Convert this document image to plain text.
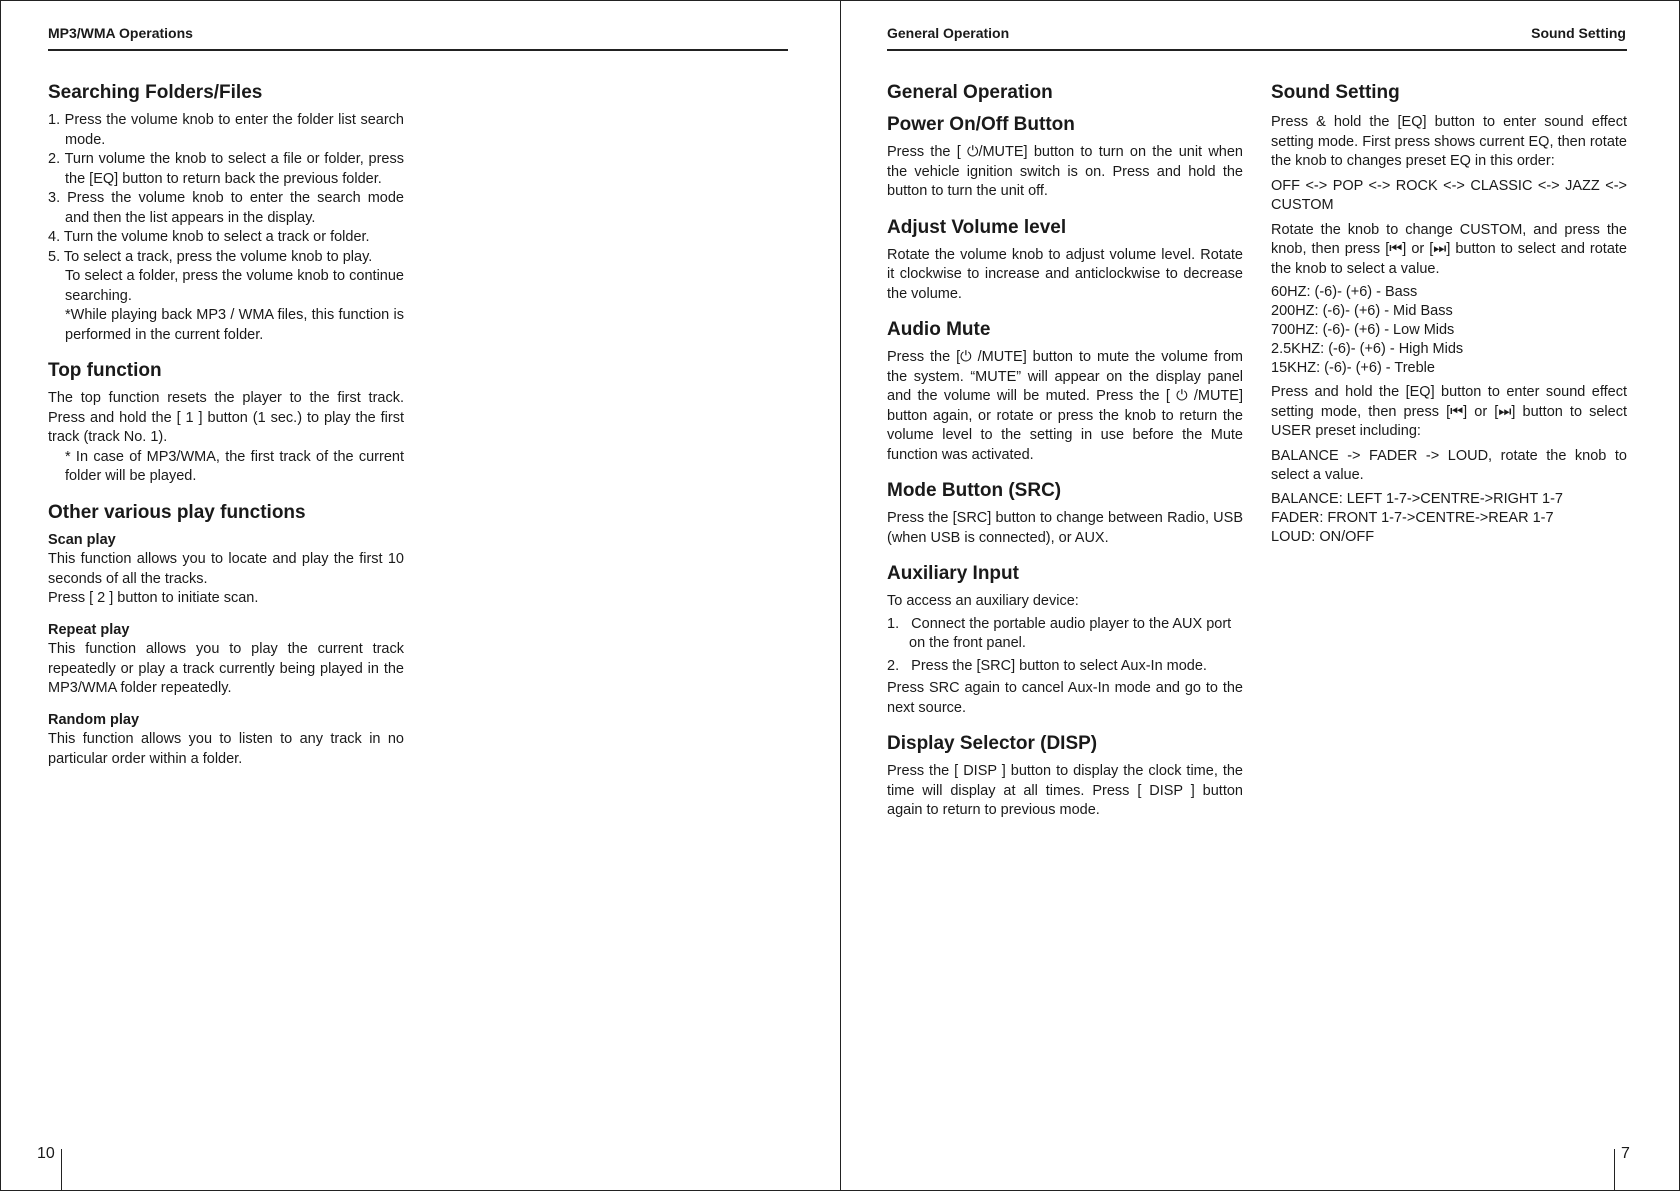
MP3/WMA Operations
Searching Folders/Files

1. Press the volume knob to enter the folder list search mode.

2. Turn volume the knob to select a file or folder, press the [EQ] button to return back the previous folder.

3. Press the volume knob to enter the search mode and then the list appears in the display.

4. Turn the volume knob to select a track or folder.

5. To select a track, press the volume knob to play.

To select a folder, press the volume knob to continue searching.

*While playing back MP3 / WMA files, this function is performed in the current folder.

Top function

The top function resets the player to the first track. Press and hold the [ 1 ] button (1 sec.) to play the first track (track No. 1).

* In case of MP3/WMA, the first track of the current folder will be played.

Other various play functions
Scan play

This function allows you to locate and play the first 10 seconds of all the tracks.

Press [ 2 ] button to initiate scan.

Repeat play

This function allows you to play the current track repeatedly or play a track currently being played in the MP3/WMA folder repeatedly.

Random play

This function allows you to listen to any track in no particular order within a folder.

10
General Operation	Sound Setting
General Operation
Power On/Off Button

Press the [ ⏻/MUTE] button to turn on the unit when the vehicle ignition switch is on. Press and hold the button to turn the unit off.

Adjust Volume level

Rotate the volume knob to adjust volume level. Rotate it clockwise to increase and anticlockwise to decrease the volume.

Audio Mute

Press the [⏻ /MUTE] button to mute the volume from the system. “MUTE” will appear on the display panel and the volume will be muted. Press the [ ⏻ /MUTE] button again, or rotate or press the knob to return the volume level to the setting in use before the Mute function was activated.

Mode Button (SRC)

Press the [SRC] button to change between Radio, USB (when USB is connected), or AUX.

Auxiliary Input

To access an auxiliary device:

1.   Connect the portable audio player to the AUX port on the front panel.
2.   Press the [SRC] button to select Aux-In mode.

Press SRC again to cancel Aux-In mode and go to the next source.

Display Selector (DISP)

Press the [ DISP ] button to display the clock time, the time will display at all times. Press [ DISP ] button again to return to previous mode.

Sound Setting

Press & hold the [EQ] button to enter sound effect setting mode. First press shows current EQ, then rotate the knob to changes preset EQ in this order:

OFF <-> POP <-> ROCK <-> CLASSIC <-> JAZZ <-> CUSTOM

Rotate the knob to change CUSTOM, and press the knob, then press [⏮] or [⏭] button to select and rotate the knob to select a value.

60HZ: (-6)- (+6) - Bass
200HZ: (-6)- (+6) - Mid Bass
700HZ: (-6)- (+6) - Low Mids
2.5KHZ: (-6)- (+6) - High Mids
15KHZ: (-6)- (+6) - Treble

Press and hold the [EQ] button to enter sound effect setting mode, then press [⏮] or [⏭] button to select USER preset including:

BALANCE -> FADER -> LOUD, rotate the knob to select a value.

BALANCE: LEFT 1-7->CENTRE->RIGHT 1-7
FADER: FRONT 1-7->CENTRE->REAR 1-7
LOUD: ON/OFF
7
